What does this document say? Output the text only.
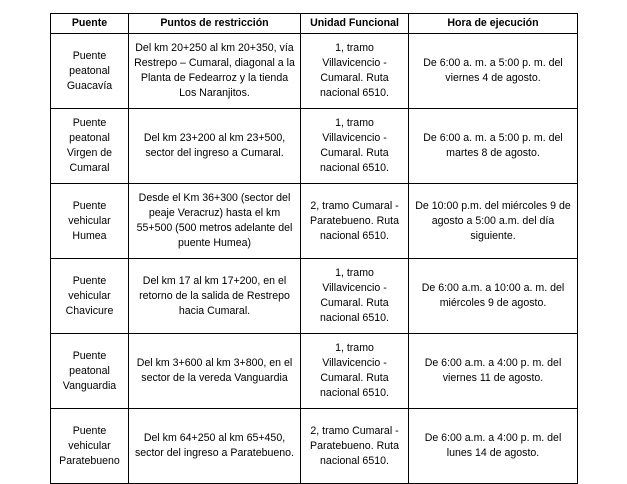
Puente	Puntos de restricción	Unidad Funcional	Hora de ejecución
Puente peatonal Guacavía	Del km 20+250 al km 20+350, vía Restrepo – Cumaral, diagonal a la Planta de Fedearroz y la tienda Los Naranjitos.	1, tramo Villavicencio - Cumaral. Ruta nacional 6510.	De 6:00 a. m. a 5:00 p. m. del viernes 4 de agosto.
Puente peatonal Virgen de Cumaral	Del km 23+200 al km 23+500, sector del ingreso a Cumaral.	1, tramo Villavicencio - Cumaral. Ruta nacional 6510.	De 6:00 a. m. a 5:00 p. m. del martes 8 de agosto.
Puente vehicular Humea	Desde el Km 36+300 (sector del peaje Veracruz) hasta el km 55+500 (500 metros adelante del puente Humea)	2, tramo Cumaral - Paratebueno. Ruta nacional 6510.	De 10:00 p.m. del miércoles 9 de agosto a 5:00 a.m. del día siguiente.
Puente vehicular Chavicure	Del km 17 al km 17+200, en el retorno de la salida de Restrepo hacia Cumaral.	1, tramo Villavicencio - Cumaral. Ruta nacional 6510.	De 6:00 a.m. a 10:00 a. m. del miércoles 9 de agosto.
Puente peatonal Vanguardia	Del km 3+600 al km 3+800, en el sector de la vereda Vanguardia	1, tramo Villavicencio - Cumaral. Ruta nacional 6510.	De 6:00 a.m. a 4:00 p. m. del viernes 11 de agosto.
Puente vehicular Paratebueno	Del km 64+250 al km 65+450, sector del ingreso a Paratebueno.	2, tramo Cumaral - Paratebueno. Ruta nacional 6510.	De 6:00 a.m. a 4:00 p. m. del lunes 14 de agosto.
